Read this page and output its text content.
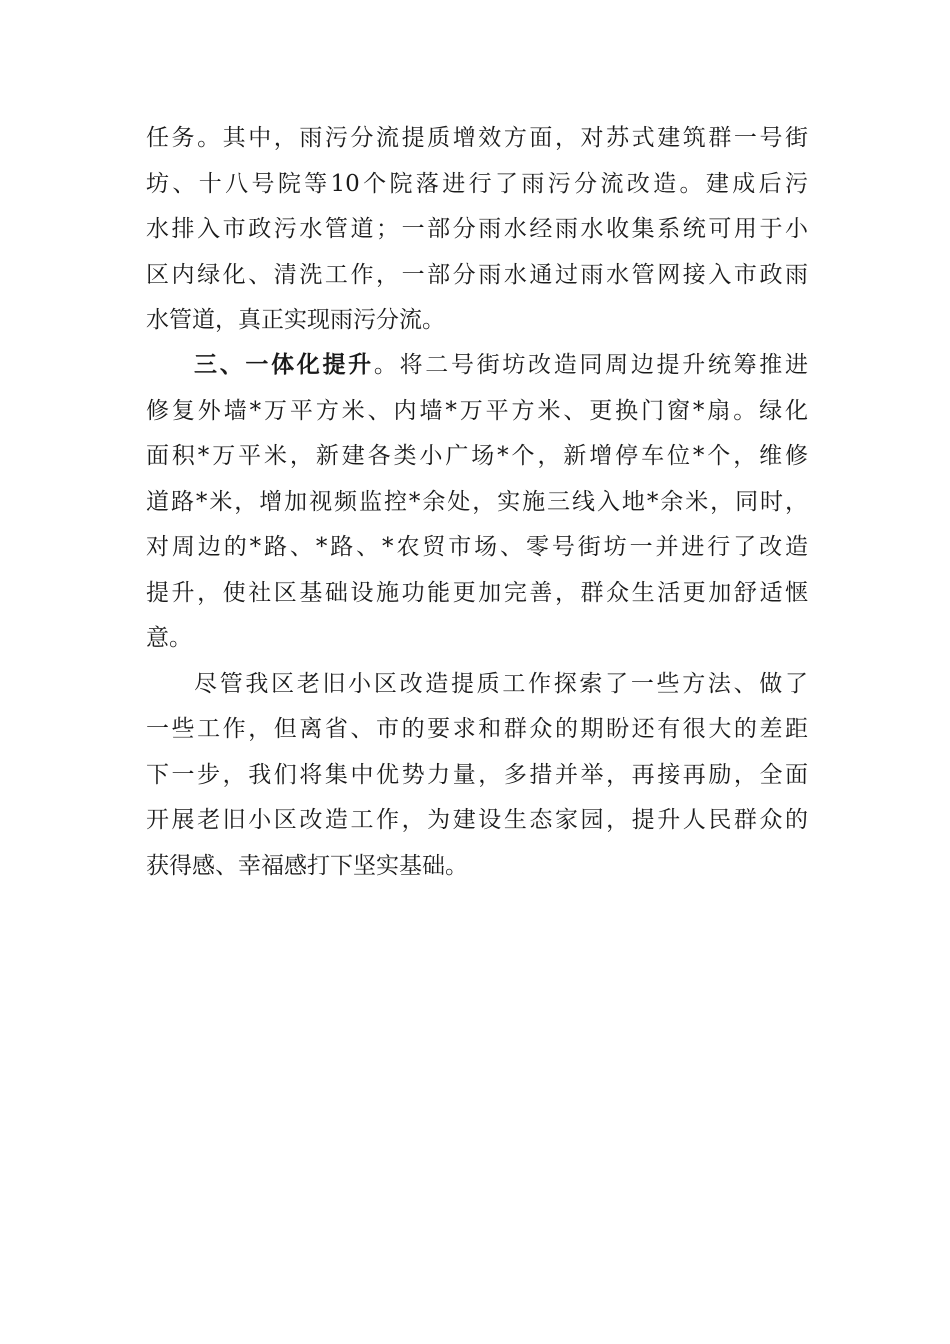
任务。其中，雨污分流提质增效方面，对苏式建筑群一号街
坊、十八号院等10个院落进行了雨污分流改造。建成后污
水排入市政污水管道；一部分雨水经雨水收集系统可用于小
区内绿化、清洗工作，一部分雨水通过雨水管网接入市政雨
水管道，真正实现雨污分流。
三、一体化提升。将二号街坊改造同周边提升统筹推进
修复外墙*万平方米、内墙*万平方米、更换门窗*扇。绿化
面积*万平米，新建各类小广场*个，新增停车位*个，维修
道路*米，增加视频监控*余处，实施三线入地*余米，同时，
对周边的*路、*路、*农贸市场、零号街坊一并进行了改造
提升，使社区基础设施功能更加完善，群众生活更加舒适惬
意。
尽管我区老旧小区改造提质工作探索了一些方法、做了
一些工作，但离省、市的要求和群众的期盼还有很大的差距
下一步，我们将集中优势力量，多措并举，再接再励，全面
开展老旧小区改造工作，为建设生态家园，提升人民群众的
获得感、幸福感打下坚实基础。
